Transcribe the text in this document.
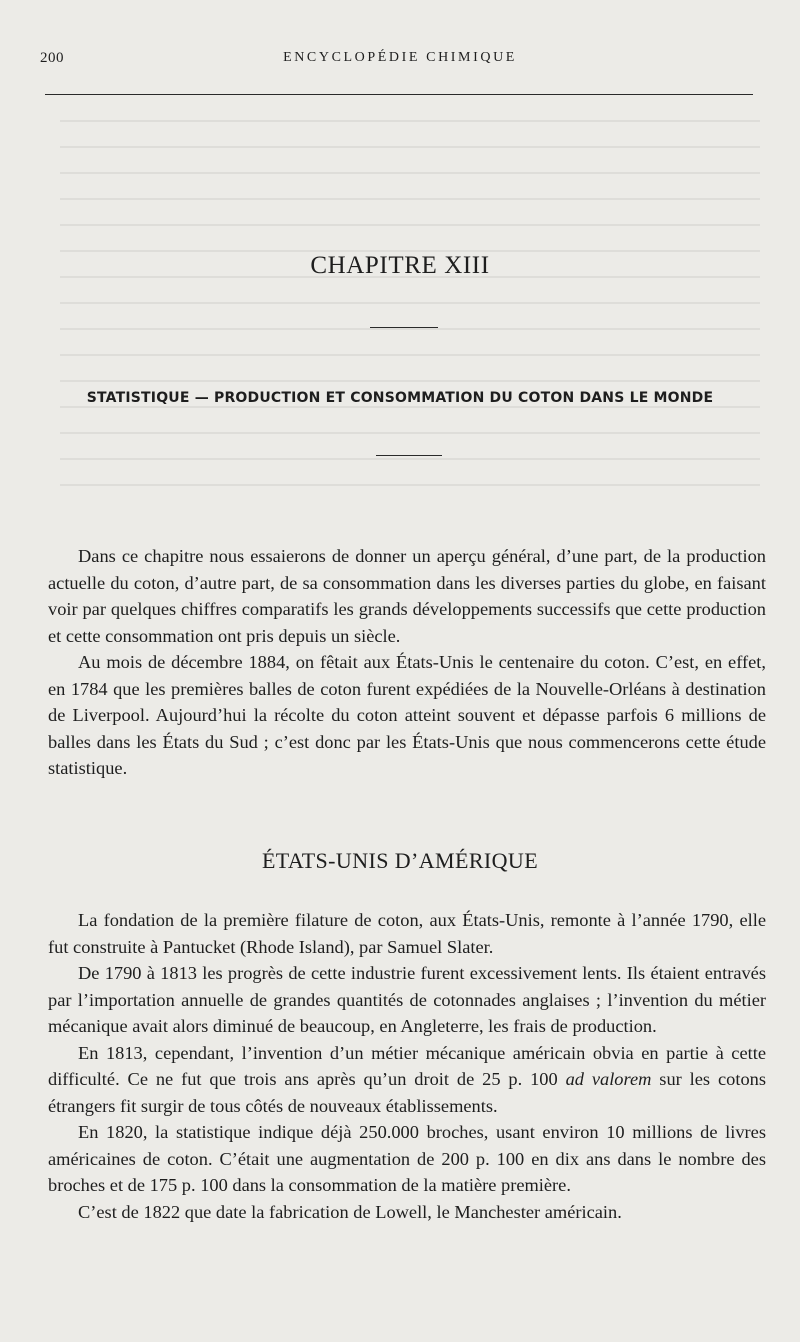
200	ENCYCLOPÉDIE CHIMIQUE
CHAPITRE XIII
STATISTIQUE — PRODUCTION ET CONSOMMATION DU COTON DANS LE MONDE

Dans ce chapitre nous essaierons de donner un aperçu général, d’une part, de la production actuelle du coton, d’autre part, de sa consommation dans les diverses parties du globe, en faisant voir par quelques chiffres comparatifs les grands développements successifs que cette production et cette consommation ont pris depuis un siècle.

Au mois de décembre 1884, on fêtait aux États-Unis le centenaire du coton. C’est, en effet, en 1784 que les premières balles de coton furent expédiées de la Nouvelle-Orléans à destination de Liverpool. Aujourd’hui la récolte du coton atteint souvent et dépasse parfois 6 millions de balles dans les États du Sud ; c’est donc par les États-Unis que nous commencerons cette étude statistique.

ÉTATS-UNIS D’AMÉRIQUE

La fondation de la première filature de coton, aux États-Unis, remonte à l’année 1790, elle fut construite à Pantucket (Rhode Island), par Samuel Slater.

De 1790 à 1813 les progrès de cette industrie furent excessivement lents. Ils étaient entravés par l’importation annuelle de grandes quantités de cotonnades anglaises ; l’invention du métier mécanique avait alors diminué de beaucoup, en Angleterre, les frais de production.

En 1813, cependant, l’invention d’un métier mécanique américain obvia en partie à cette difficulté. Ce ne fut que trois ans après qu’un droit de 25 p. 100 ad valorem sur les cotons étrangers fit surgir de tous côtés de nouveaux établissements.

En 1820, la statistique indique déjà 250.000 broches, usant environ 10 millions de livres américaines de coton. C’était une augmentation de 200 p. 100 en dix ans dans le nombre des broches et de 175 p. 100 dans la consommation de la matière première.

C’est de 1822 que date la fabrication de Lowell, le Manchester américain.
